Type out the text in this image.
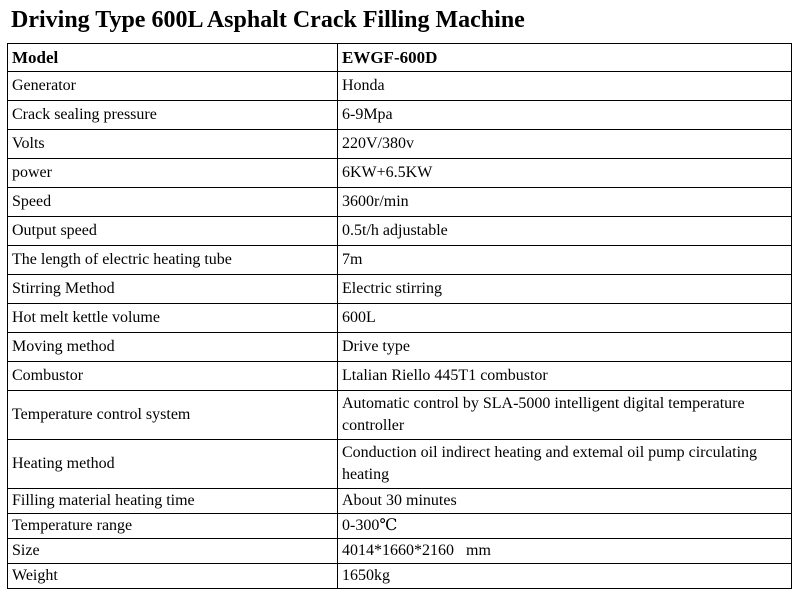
Driving Type 600L Asphalt Crack Filling Machine
Model	EWGF-600D
Generator	Honda
Crack sealing pressure	6-9Mpa
Volts	220V/380v
power	6KW+6.5KW
Speed	3600r/min
Output speed	0.5t/h adjustable
The length of electric heating tube	7m
Stirring Method	Electric stirring
Hot melt kettle volume	600L
Moving method	Drive type
Combustor	Ltalian Riello 445T1 combustor
Temperature control system	Automatic control by SLA-5000 intelligent digital temperature controller
Heating method	Conduction oil indirect heating and extemal oil pump circulating heating
Filling material heating time	About 30 minutes
Temperature range	0-300℃
Size	4014*1660*2160   mm
Weight	1650kg
